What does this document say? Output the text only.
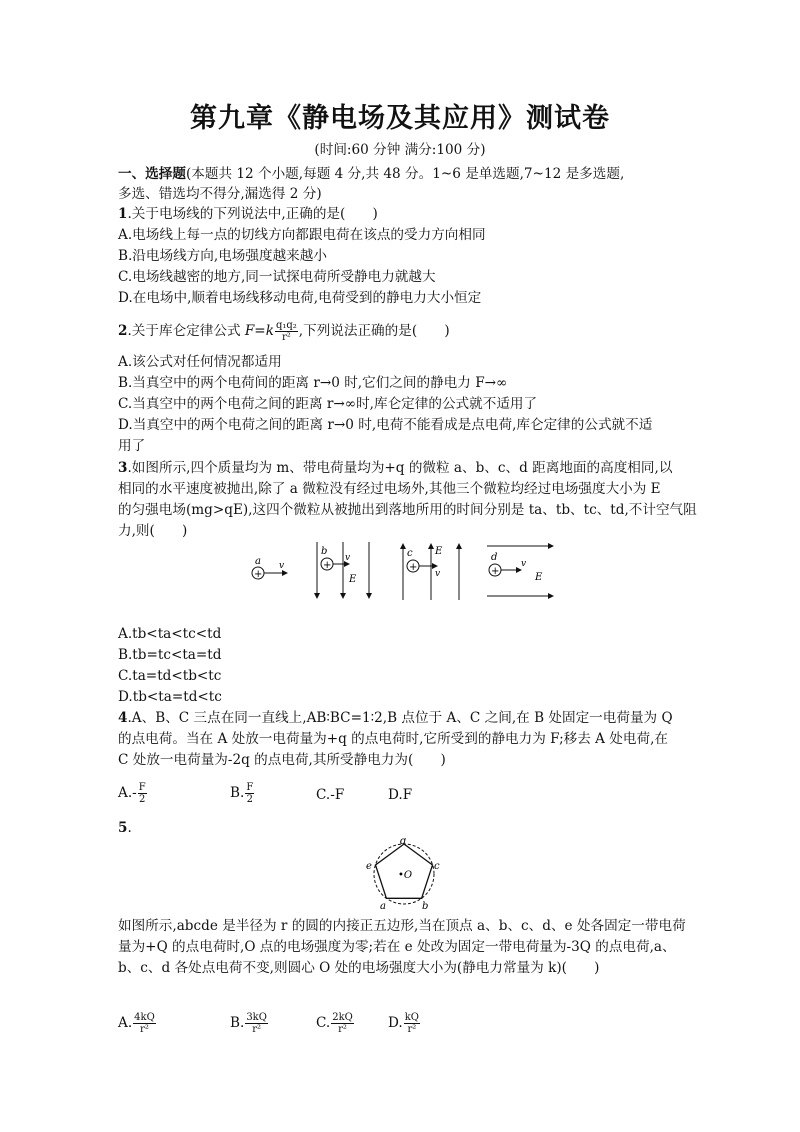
第九章《静电场及其应用》测试卷
(时间:60 分钟 满分:100 分)
一、选择题(本题共 12 个小题,每题 4 分,共 48 分。1~6 是单选题,7~12 是多选题,
多选、错选均不得分,漏选得 2 分)
1.关于电场线的下列说法中,正确的是(　　)
A.电场线上每一点的切线方向都跟电荷在该点的受力方向相同
B.沿电场线方向,电场强度越来越小
C.电场线越密的地方,同一试探电荷所受静电力就越大
D.在电场中,顺着电场线移动电荷,电荷受到的静电力大小恒定
2.关于库仑定律公式 $F=k \frac{\text{q₁q₂}}{\text{r²}}$ ,下列说法正确的是(　　)
A.该公式对任何情况都适用
B.当真空中的两个电荷间的距离 r→0 时,它们之间的静电力 F→∞
C.当真空中的两个电荷之间的距离 r→∞时,库仑定律的公式就不适用了
D.当真空中的两个电荷之间的距离 r→0 时,电荷不能看成是点电荷,库仑定律的公式就不适
用了
3.如图所示,四个质量均为 m、带电荷量均为+q 的微粒 a、b、c、d 距离地面的高度相同,以
相同的水平速度被抛出,除了 a 微粒没有经过电场外,其他三个微粒均经过电场强度大小为 E
的匀强电场(mg>qE),这四个微粒从被抛出到落地所用的时间分别是 ta、tb、tc、td,不计空气阻
力,则(　　)
a
+
v
b
+
v
E
c
+
v
E
d
+
v
E
A.tb<ta<tc<td
B.tb=tc<ta=td
C.ta=td<tb<tc
D.tb<ta=td<tc
4.A、B、C 三点在同一直线上,AB∶BC=1∶2,B 点位于 A、C 之间,在 B 处固定一电荷量为 Q
的点电荷。当在 A 处放一电荷量为+q 的点电荷时,它所受到的静电力为 F;移去 A 处电荷,在
C 处放一电荷量为-2q 的点电荷,其所受静电力为(　　)
$A.- \frac{F}{2}$	B. $\frac{F}{2}$	C.-F	D.F
5.
d
c
b
a
e
•O
如图所示,abcde 是半径为 r 的圆的内接正五边形,当在顶点 a、b、c、d、e 处各固定一带电荷
量为+Q 的点电荷时,O 点的电场强度为零;若在 e 处改为固定一带电荷量为-3Q 的点电荷,a、
b、c、d 各处点电荷不变,则圆心 O 处的电场强度大小为(静电力常量为 k)(　　)
A. $\frac{4kQ}{\text{r²}}$	B. $\frac{3kQ}{\text{r²}}$	C. $\frac{2kQ}{\text{r²}}$	D. $\frac{kQ}{\text{r²}}$
